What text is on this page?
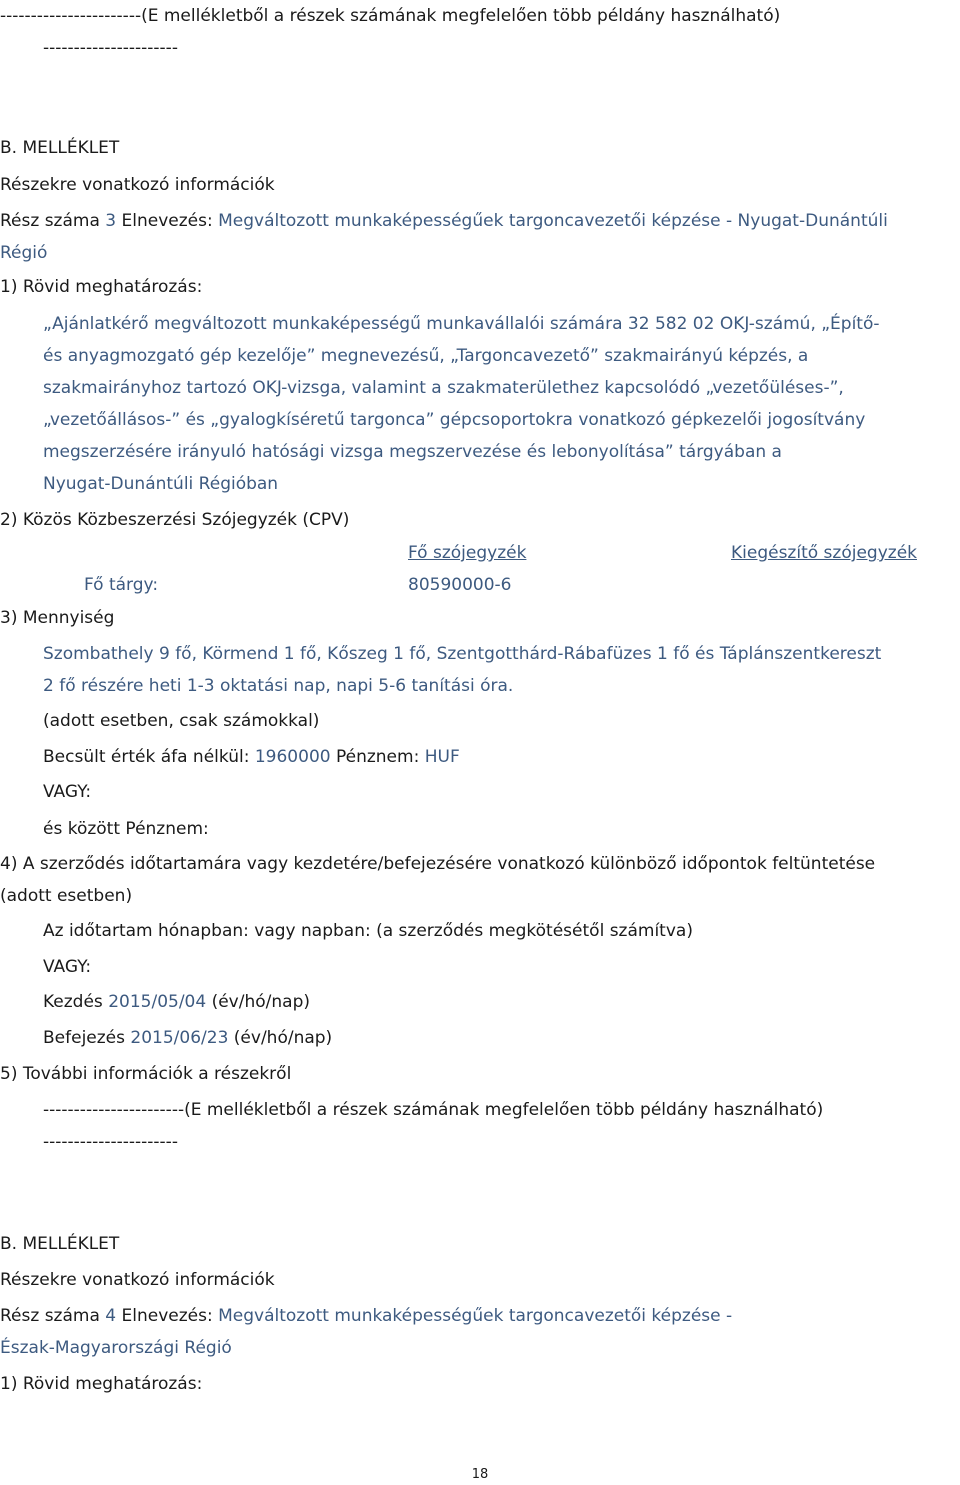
-----------------------(E mellékletből a részek számának megfelelően több példány használható)
----------------------
B. MELLÉKLET
Részekre vonatkozó információk
Rész száma 3 Elnevezés: Megváltozott munkaképességűek targoncavezetői képzése - Nyugat-Dunántúli
Régió
1) Rövid meghatározás:
„Ajánlatkérő megváltozott munkaképességű munkavállalói számára 32 582 02 OKJ-számú, „Építő-
és anyagmozgató gép kezelője” megnevezésű, „Targoncavezető” szakmairányú képzés, a
szakmairányhoz tartozó OKJ-vizsga, valamint a szakmaterülethez kapcsolódó „vezetőüléses-”,
„vezetőállásos-” és „gyalogkíséretű targonca” gépcsoportokra vonatkozó gépkezelői jogosítvány
megszerzésére irányuló hatósági vizsga megszervezése és lebonyolítása” tárgyában a
Nyugat-Dunántúli Régióban
2) Közös Közbeszerzési Szójegyzék (CPV)
Fő szójegyzék	Kiegészítő szójegyzék
Fő tárgy:	80590000-6
3) Mennyiség
Szombathely 9 fő, Körmend 1 fő, Kőszeg 1 fő, Szentgotthárd-Rábafüzes 1 fő és Táplánszentkereszt
2 fő részére heti 1-3 oktatási nap, napi 5-6 tanítási óra.
(adott esetben, csak számokkal)
Becsült érték áfa nélkül: 1960000 Pénznem: HUF
VAGY:
és között Pénznem:
4) A szerződés időtartamára vagy kezdetére/befejezésére vonatkozó különböző időpontok feltüntetése
(adott esetben)
Az időtartam hónapban: vagy napban: (a szerződés megkötésétől számítva)
VAGY:
Kezdés 2015/05/04 (év/hó/nap)
Befejezés 2015/06/23 (év/hó/nap)
5) További információk a részekről
-----------------------(E mellékletből a részek számának megfelelően több példány használható)
----------------------
B. MELLÉKLET
Részekre vonatkozó információk
Rész száma 4 Elnevezés: Megváltozott munkaképességűek targoncavezetői képzése -
Észak-Magyarországi Régió
1) Rövid meghatározás:
18
